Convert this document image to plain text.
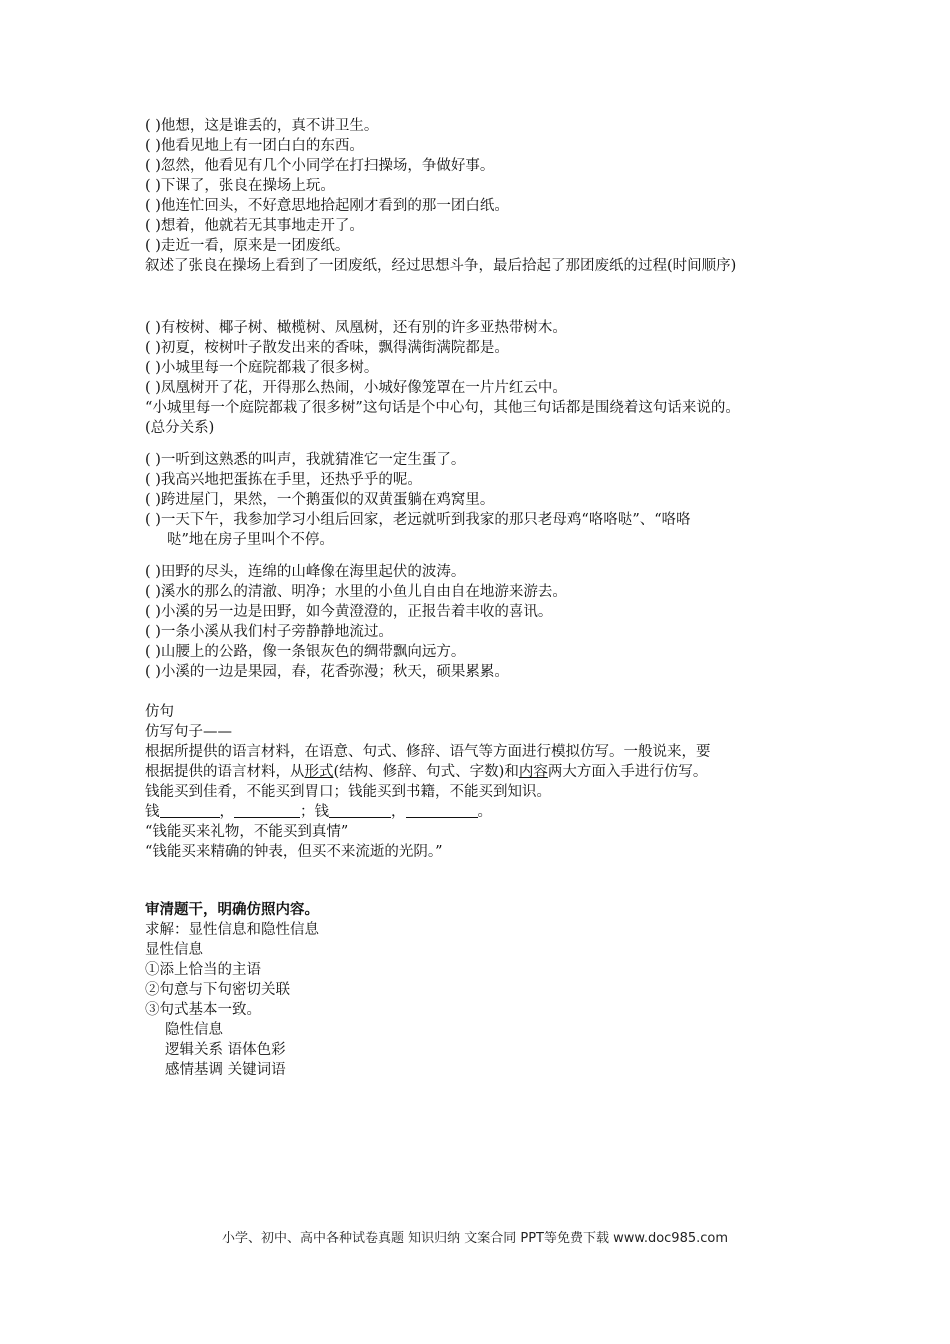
( )他想，这是谁丢的，真不讲卫生。
( )他看见地上有一团白白的东西。
( )忽然，他看见有几个小同学在打扫操场，争做好事。
( )下课了，张良在操场上玩。
( )他连忙回头，不好意思地拾起刚才看到的那一团白纸。
( )想着，他就若无其事地走开了。
( )走近一看，原来是一团废纸。
叙述了张良在操场上看到了一团废纸，经过思想斗争，最后拾起了那团废纸的过程(时间顺序)
( )有桉树、椰子树、橄榄树、凤凰树，还有别的许多亚热带树木。
( )初夏，桉树叶子散发出来的香味，飘得满街满院都是。
( )小城里每一个庭院都栽了很多树。
( )凤凰树开了花，开得那么热闹，小城好像笼罩在一片片红云中。
“小城里每一个庭院都栽了很多树”这句话是个中心句，其他三句话都是围绕着这句话来说的。
(总分关系)
( )一听到这熟悉的叫声，我就猜准它一定生蛋了。
( )我高兴地把蛋拣在手里，还热乎乎的呢。
( )跨进屋门，果然，一个鹅蛋似的双黄蛋躺在鸡窝里。
( )一天下午，我参加学习小组后回家，老远就听到我家的那只老母鸡“咯咯哒”、“咯咯
哒”地在房子里叫个不停。
( )田野的尽头，连绵的山峰像在海里起伏的波涛。
( )溪水的那么的清澈、明净；水里的小鱼儿自由自在地游来游去。
( )小溪的另一边是田野，如今黄澄澄的，正报告着丰收的喜讯。
( )一条小溪从我们村子旁静静地流过。
( )山腰上的公路，像一条银灰色的绸带飘向远方。
( )小溪的一边是果园，春，花香弥漫；秋天，硕果累累。
仿句
仿写句子——
根据所提供的语言材料，在语意、句式、修辞、语气等方面进行模拟仿写。一般说来，要
根据提供的语言材料，从形式(结构、修辞、句式、字数)和内容两大方面入手进行仿写。
钱能买到佳肴，不能买到胃口；钱能买到书籍，不能买到知识。
钱	，	；钱	，	。
“钱能买来礼物，不能买到真情”
“钱能买来精确的钟表，但买不来流逝的光阴。”
审清题干，明确仿照内容。
求解：显性信息和隐性信息
显性信息
①添上恰当的主语
②句意与下句密切关联
③句式基本一致。
隐性信息
逻辑关系 语体色彩
感情基调 关键词语
小学、初中、高中各种试卷真题 知识归纳 文案合同 PPT等免费下载 www.doc985.com
